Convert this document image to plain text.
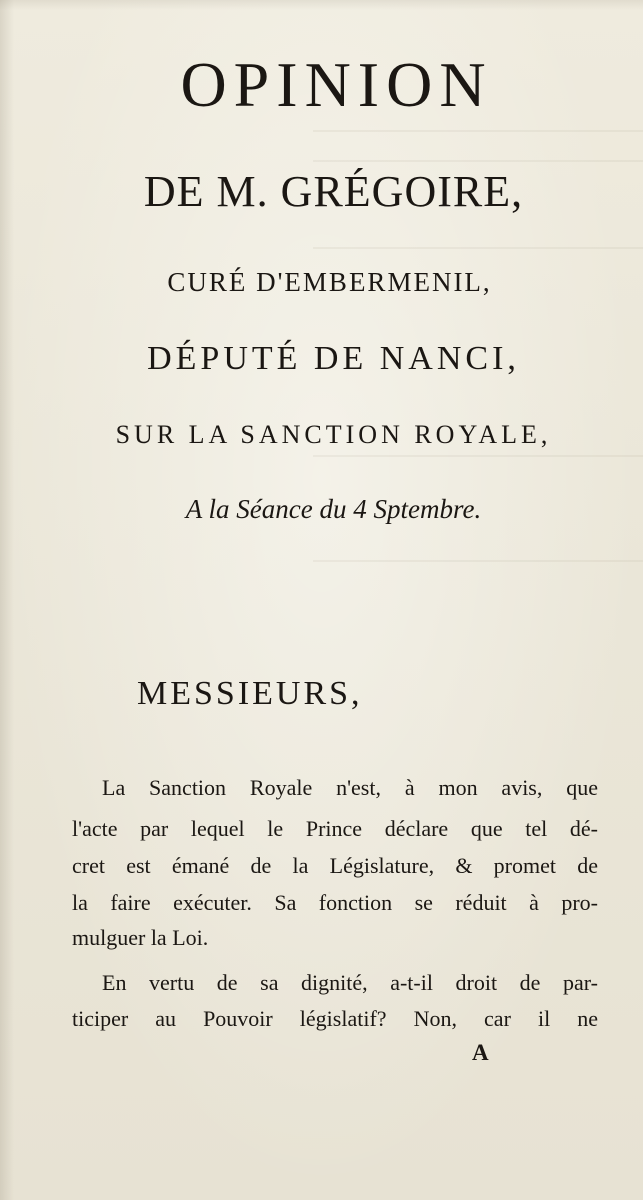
OPINION
DE M. GRÉGOIRE,
CURÉ D'EMBERMENIL,
DÉPUTÉ DE NANCI,
SUR LA SANCTION ROYALE,
A la Séance du 4 Sptembre.
MESSIEURS,
La Sanction Royale n'est, à mon avis, que
l'acte par lequel le Prince déclare que tel dé-
cret est émané de la Législature, & promet de
la faire exécuter. Sa fonction se réduit à pro-
mulguer la Loi.
En vertu de sa dignité, a-t-il droit de par-
ticiper au Pouvoir législatif? Non, car il ne
A
